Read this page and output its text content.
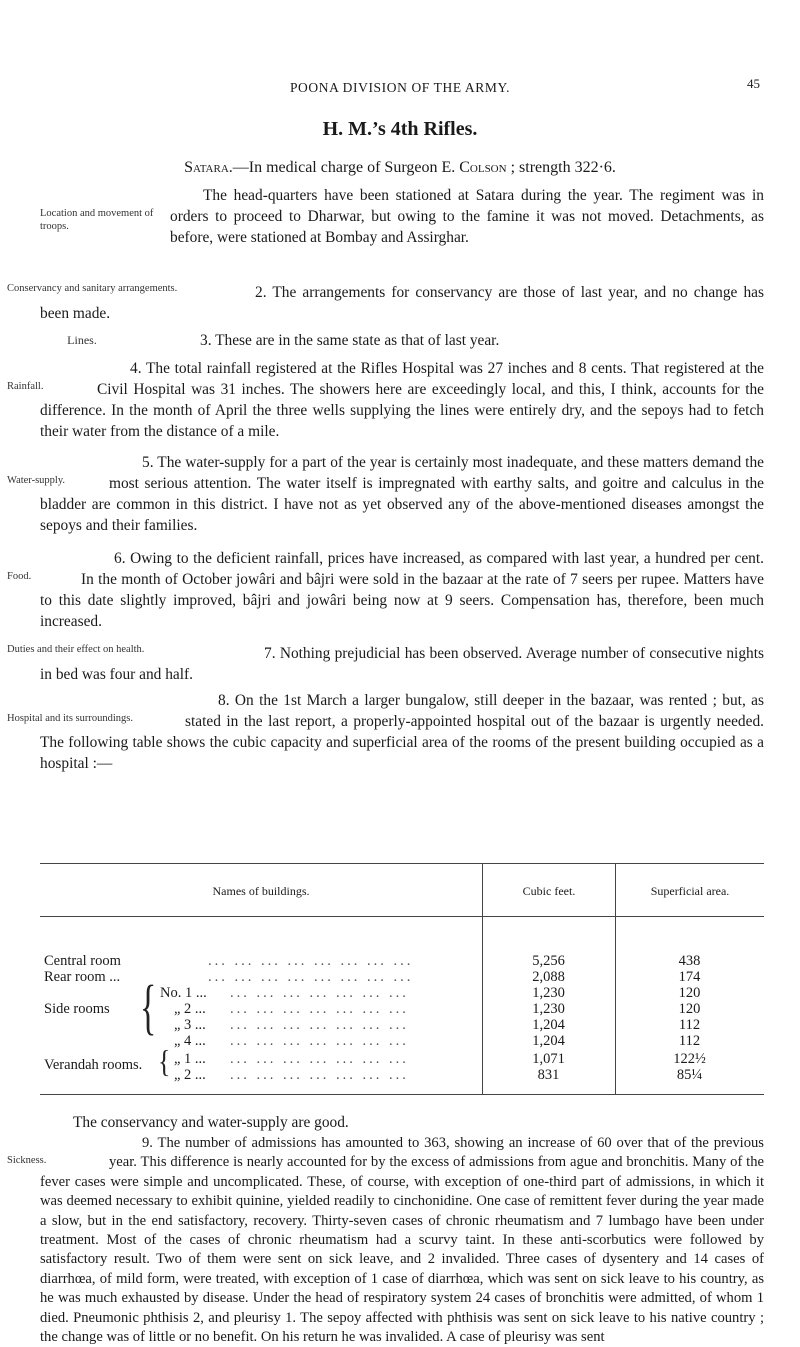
POONA DIVISION OF THE ARMY.	45
H. M.’s 4th Rifles.
Satara.—In medical charge of Surgeon E. Colson ; strength 322·6.

Location and movement of troops.
The head-quarters have been stationed at Satara during the year. The regiment was in orders to proceed to Dharwar, but owing to the famine it was not moved. Detachments, as before, were stationed at Bombay and Assirghar.

Conservancy and sanitary arrangements.	2. The arrangements for conservancy are those of last year, and no change has been made.

Lines.	3. These are in the same state as that of last year.

Rainfall.
4. The total rainfall registered at the Rifles Hospital was 27 inches and 8 cents. That registered at the Civil Hospital was 31 inches. The showers here are exceedingly local, and this, I think, accounts for the difference. In the month of April the three wells supplying the lines were entirely dry, and the sepoys had to fetch their water from the distance of a mile.

Water-supply.
5. The water-supply for a part of the year is certainly most inadequate, and these matters demand the most serious attention. The water itself is impregnated with earthy salts, and goitre and calculus in the bladder are common in this district. I have not as yet observed any of the above-mentioned diseases amongst the sepoys and their families.

Food.
6. Owing to the deficient rainfall, prices have increased, as compared with last year, a hundred per cent. In the month of October jowâri and bâjri were sold in the bazaar at the rate of 7 seers per rupee. Matters have to this date slightly improved, bâjri and jowâri being now at 9 seers. Compensation has, therefore, been much increased.

Duties and their effect on health.	7. Nothing prejudicial has been observed. Average number of consecutive nights in bed was four and half.

Hospital and its surroundings.
8. On the 1st March a larger bungalow, still deeper in the bazaar, was rented ; but, as stated in the last report, a properly-appointed hospital out of the bazaar is urgently needed. The following table shows the cubic capacity and superficial area of the rooms of the present building occupied as a hospital :—

Names of buildings.	Cubic feet.	Superficial area.
Central room	... ... ... ... ... ... ... ...	5,256	438
Rear room ...	... ... ... ... ... ... ... ...	2,088	174
Side rooms { No. 1 ... ... ... ... ... ... ... ...	1,230	120
„ 2 ... ... ... ... ... ... ... ...	1,230	120
„ 3 ... ... ... ... ... ... ... ...	1,204	112
„ 4 ... ... ... ... ... ... ... ...	1,204	112
Verandah rooms. { „ 1 ... ... ... ... ... ... ... ...	1,071	122½
„ 2 ... ... ... ... ... ... ... ...	831	85¼

The conservancy and water-supply are good.

Sickness.
9. The number of admissions has amounted to 363, showing an increase of 60 over that of the previous year. This difference is nearly accounted for by the excess of admissions from ague and bronchitis. Many of the fever cases were simple and uncomplicated. These, of course, with exception of one-third part of admissions, in which it was deemed necessary to exhibit quinine, yielded readily to cinchonidine. One case of remittent fever during the year made a slow, but in the end satisfactory, recovery. Thirty-seven cases of chronic rheumatism and 7 lumbago have been under treatment. Most of the cases of chronic rheumatism had a scurvy taint. In these anti-scorbutics were followed by satisfactory result. Two of them were sent on sick leave, and 2 invalided. Three cases of dysentery and 14 cases of diarrhœa, of mild form, were treated, with exception of 1 case of diarrhœa, which was sent on sick leave to his country, as he was much exhausted by disease. Under the head of respiratory system 24 cases of bronchitis were admitted, of whom 1 died. Pneumonic phthisis 2, and pleurisy 1. The sepoy affected with phthisis was sent on sick leave to his native country ; the change was of little or no benefit. On his return he was invalided. A case of pleurisy was sent
